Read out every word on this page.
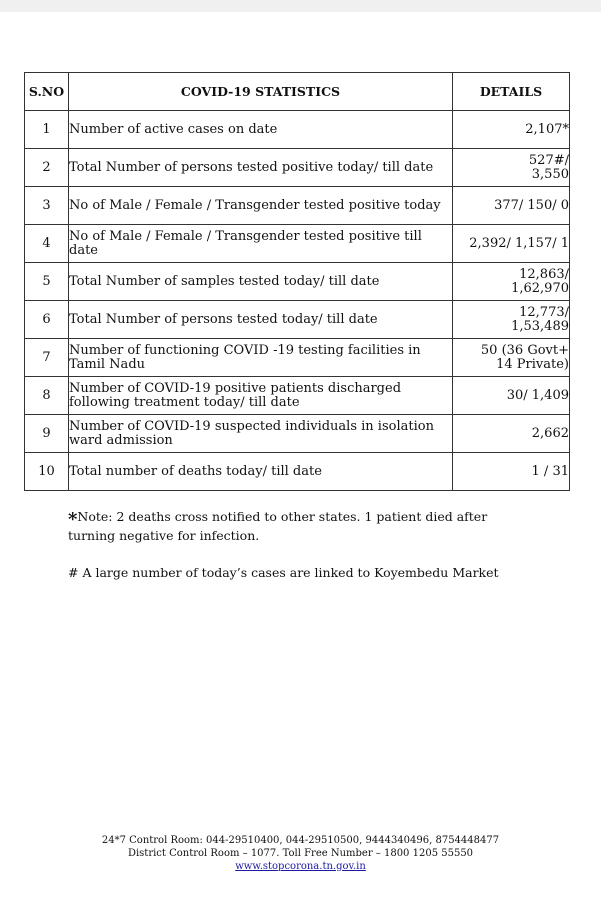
S.NO	COVID-19 STATISTICS	DETAILS
1	Number of active cases on date	2,107*
2	Total Number of persons tested positive today/ till date	527#/
3,550
3	No of Male / Female / Transgender tested positive today	377/ 150/ 0
4	No of Male / Female / Transgender tested positive till date	2,392/ 1,157/ 1
5	Total Number of samples tested today/ till date	12,863/
1,62,970
6	Total Number of persons tested today/ till date	12,773/
1,53,489
7	Number of functioning COVID -19 testing facilities in Tamil Nadu	50 (36 Govt+
14 Private)
8	Number of COVID-19 positive patients discharged following treatment today/ till date	30/ 1,409
9	Number of COVID-19 suspected individuals in isolation ward admission	2,662
10	Total number of deaths today/ till date	1 / 31
*Note: 2 deaths cross notified to other states. 1 patient died after turning negative for infection.
# A large number of today’s cases are linked to Koyembedu Market
24*7 Control Room: 044-29510400, 044-29510500, 9444340496, 8754448477
District Control Room – 1077. Toll Free Number – 1800 1205 55550
www.stopcorona.tn.gov.in
